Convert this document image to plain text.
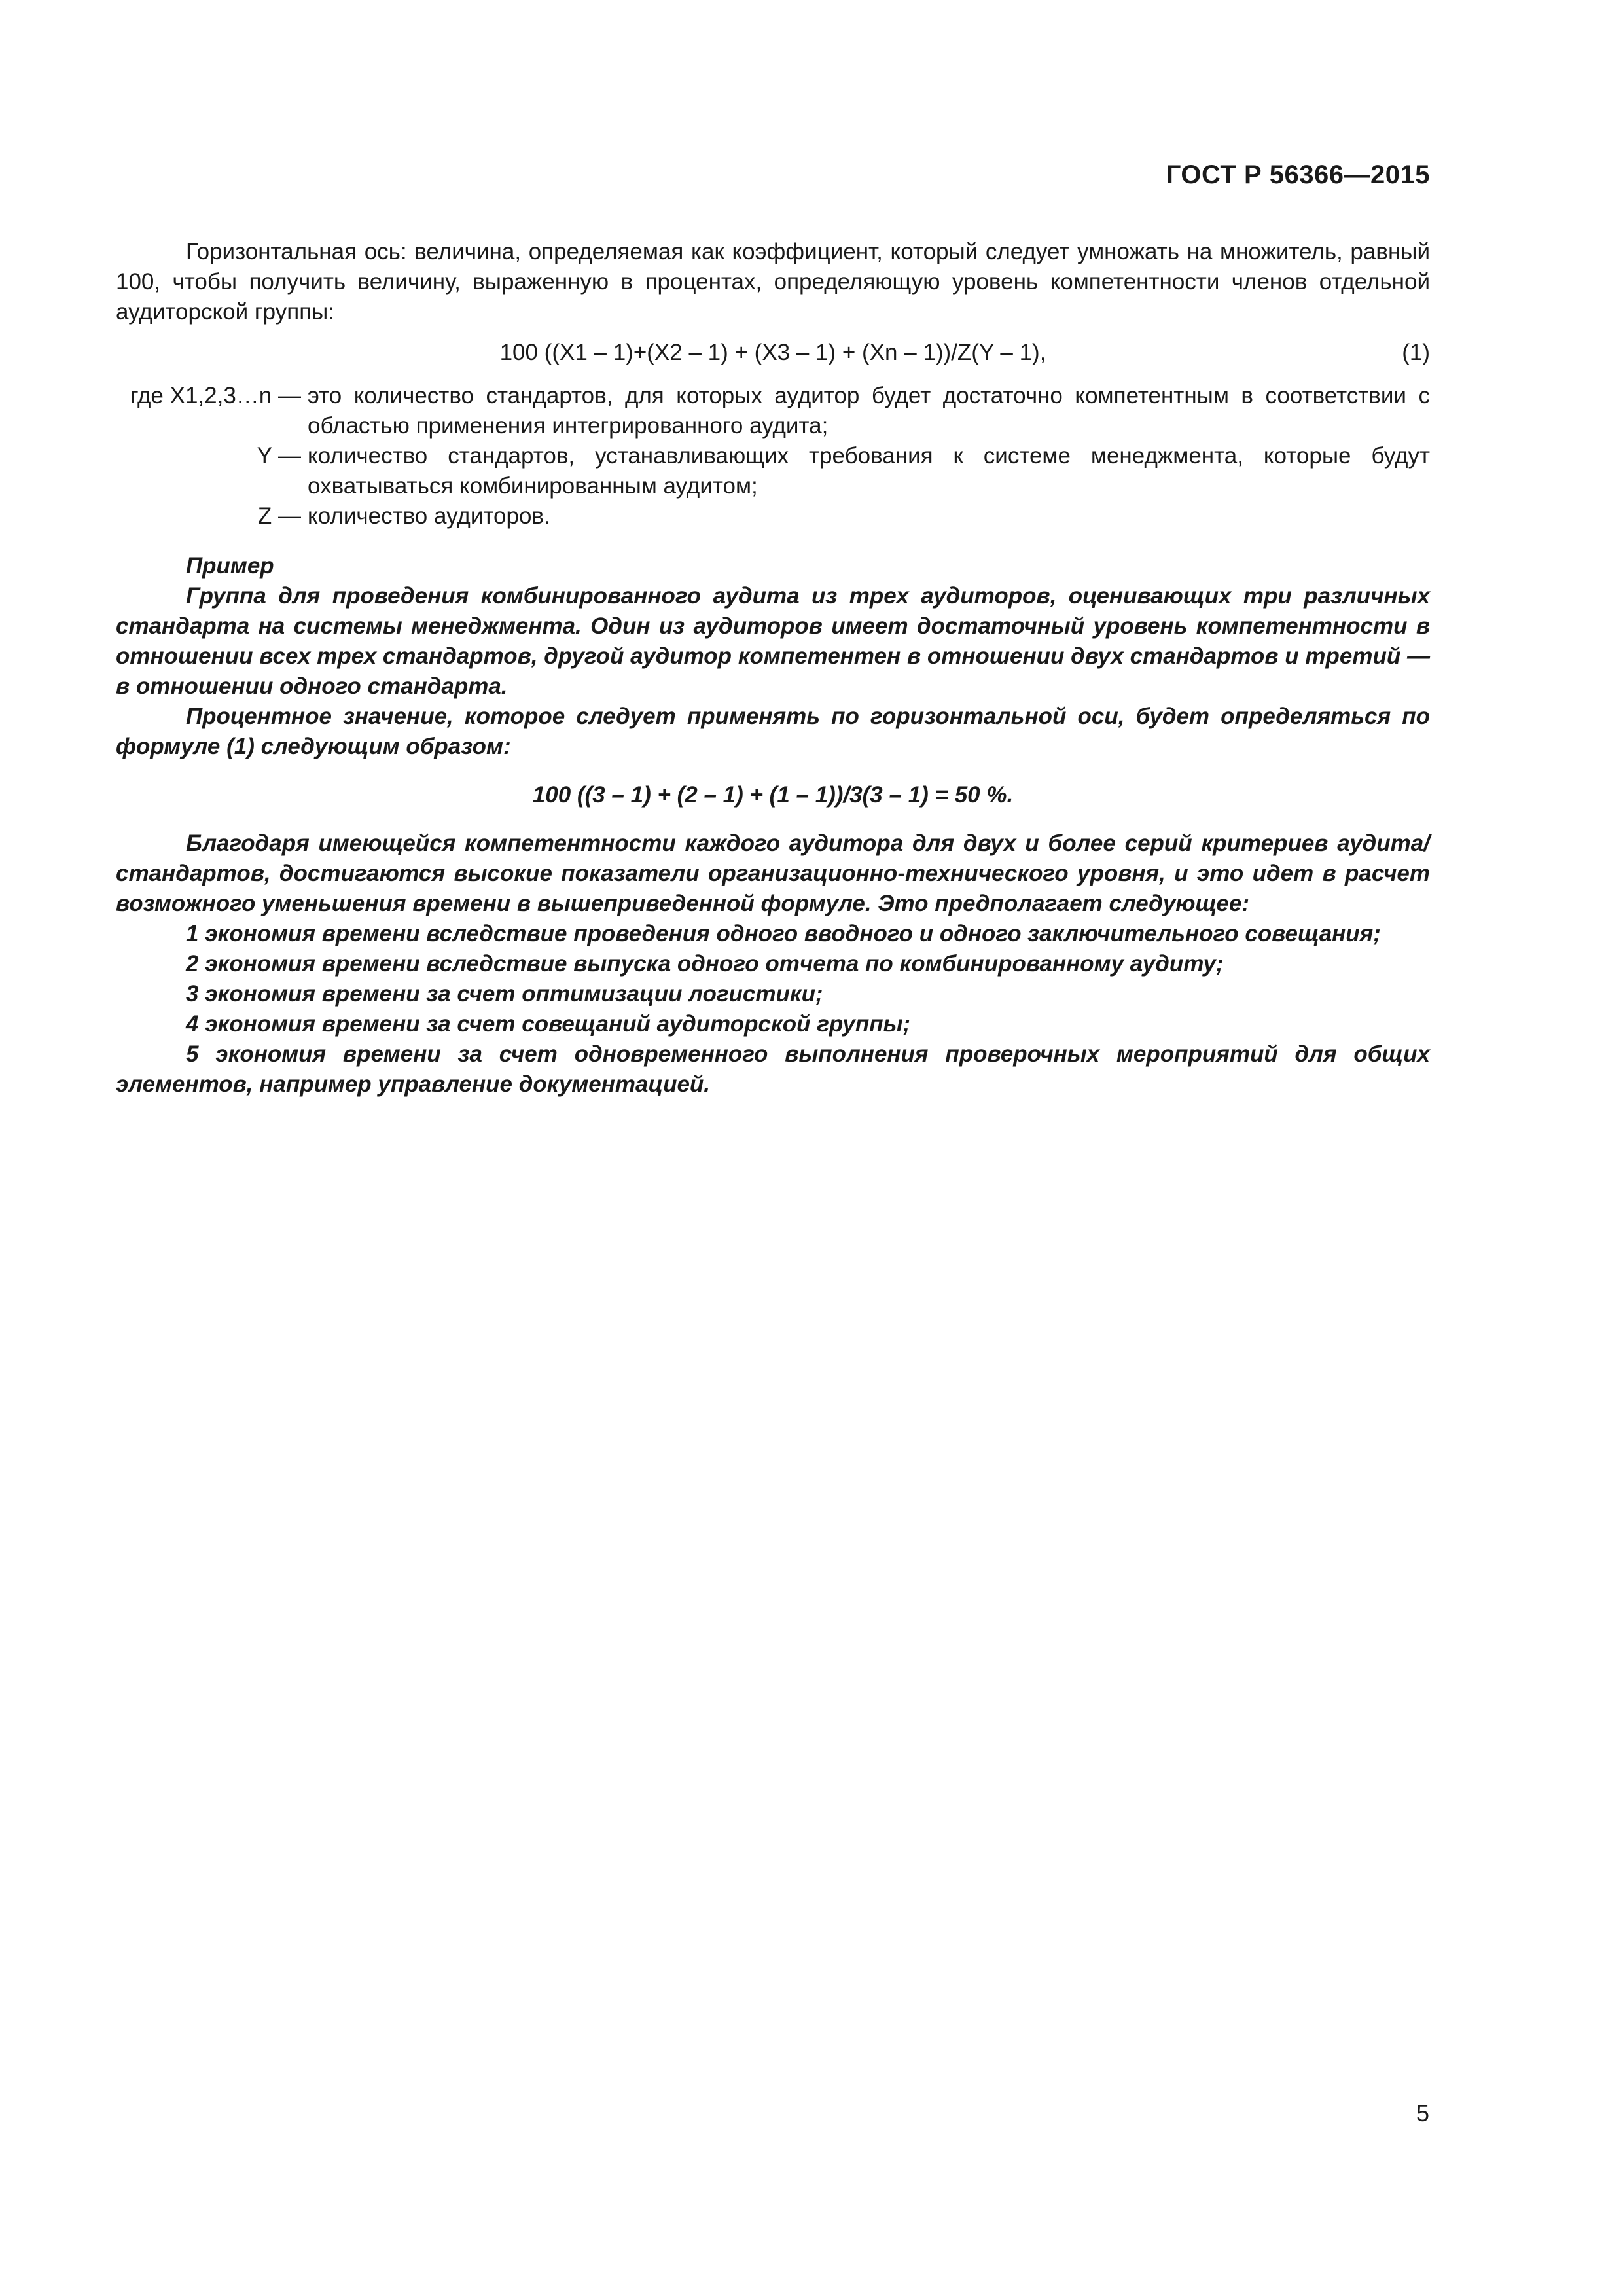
ГОСТ Р 56366—2015

Горизонтальная ось: величина, определяемая как коэффициент, который следует умножать на множитель, равный 100, чтобы получить величину, выраженную в процентах, определяющую уровень компетентности членов отдельной аудиторской группы:

100 ((X1 – 1)+(X2 – 1) + (X3 – 1) + (Xn – 1))/Z(Y – 1),	(1)
где X1,2,3…n — это количество стандартов, для которых аудитор будет достаточно компетентным в соответствии с областью применения интегрированного аудита;
Y — количество стандартов, устанавливающих требования к системе менеджмента, которые будут охватываться комбинированным аудитом;
Z — количество аудиторов.

Пример

Группа для проведения комбинированного аудита из трех аудиторов, оценивающих три различных стандарта на системы менеджмента. Один из аудиторов имеет достаточный уровень компетентности в отношении всех трех стандартов, другой аудитор компетентен в отношении двух стандартов и третий — в отношении одного стандарта.

Процентное значение, которое следует применять по горизонтальной оси, будет определяться по формуле (1) следующим образом:

100 ((3 – 1) + (2 – 1) + (1 – 1))/3(3 – 1) = 50 %.

Благодаря имеющейся компетентности каждого аудитора для двух и более серий критериев аудита/стандартов, достигаются высокие показатели организационно-технического уровня, и это идет в расчет возможного уменьшения времени в вышеприведенной формуле. Это предполагает следующее:

1 экономия времени вследствие проведения одного вводного и одного заключительного совещания;

2 экономия времени вследствие выпуска одного отчета по комбинированному аудиту;

3 экономия времени за счет оптимизации логистики;

4 экономия времени за счет совещаний аудиторской группы;

5 экономия времени за счет одновременного выполнения проверочных мероприятий для общих элементов, например управление документацией.

5
